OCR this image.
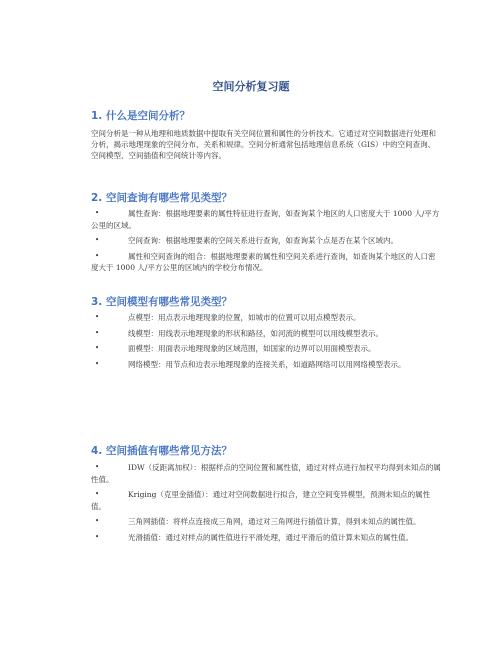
空间分析复习题
1. 什么是空间分析？

空间分析是一种从地理和地质数据中提取有关空间位置和属性的分析技术。它通过对空间数据进行处理和分析，揭示地理现象的空间分布、关系和规律。空间分析通常包括地理信息系统（GIS）中的空间查询、空间模型、空间插值和空间统计等内容。

2. 空间查询有哪些常见类型？
•	属性查询：根据地理要素的属性特征进行查询，如查询某个地区的人口密度大于 1000 人/平方公里的区域。
•	空间查询：根据地理要素的空间关系进行查询，如查询某个点是否在某个区域内。
•	属性和空间查询的组合：根据地理要素的属性和空间关系进行查询，如查询某个地区的人口密度大于 1000 人/平方公里的区域内的学校分布情况。
3. 空间模型有哪些常见类型？
•	点模型：用点表示地理现象的位置，如城市的位置可以用点模型表示。
•	线模型：用线表示地理现象的形状和路径，如河流的模型可以用线模型表示。
•	面模型：用面表示地理现象的区域范围，如国家的边界可以用面模型表示。
•	网络模型：用节点和边表示地理现象的连接关系，如道路网络可以用网络模型表示。
4. 空间插值有哪些常见方法？
•	IDW（反距离加权）：根据样点的空间位置和属性值，通过对样点进行加权平均得到未知点的属性值。
•	Kriging（克里金插值）：通过对空间数据进行拟合，建立空间变异模型，预测未知点的属性值。
•	三角网插值：将样点连接成三角网，通过对三角网进行插值计算，得到未知点的属性值。
•	光滑插值：通过对样点的属性值进行平滑处理，通过平滑后的值计算未知点的属性值。
